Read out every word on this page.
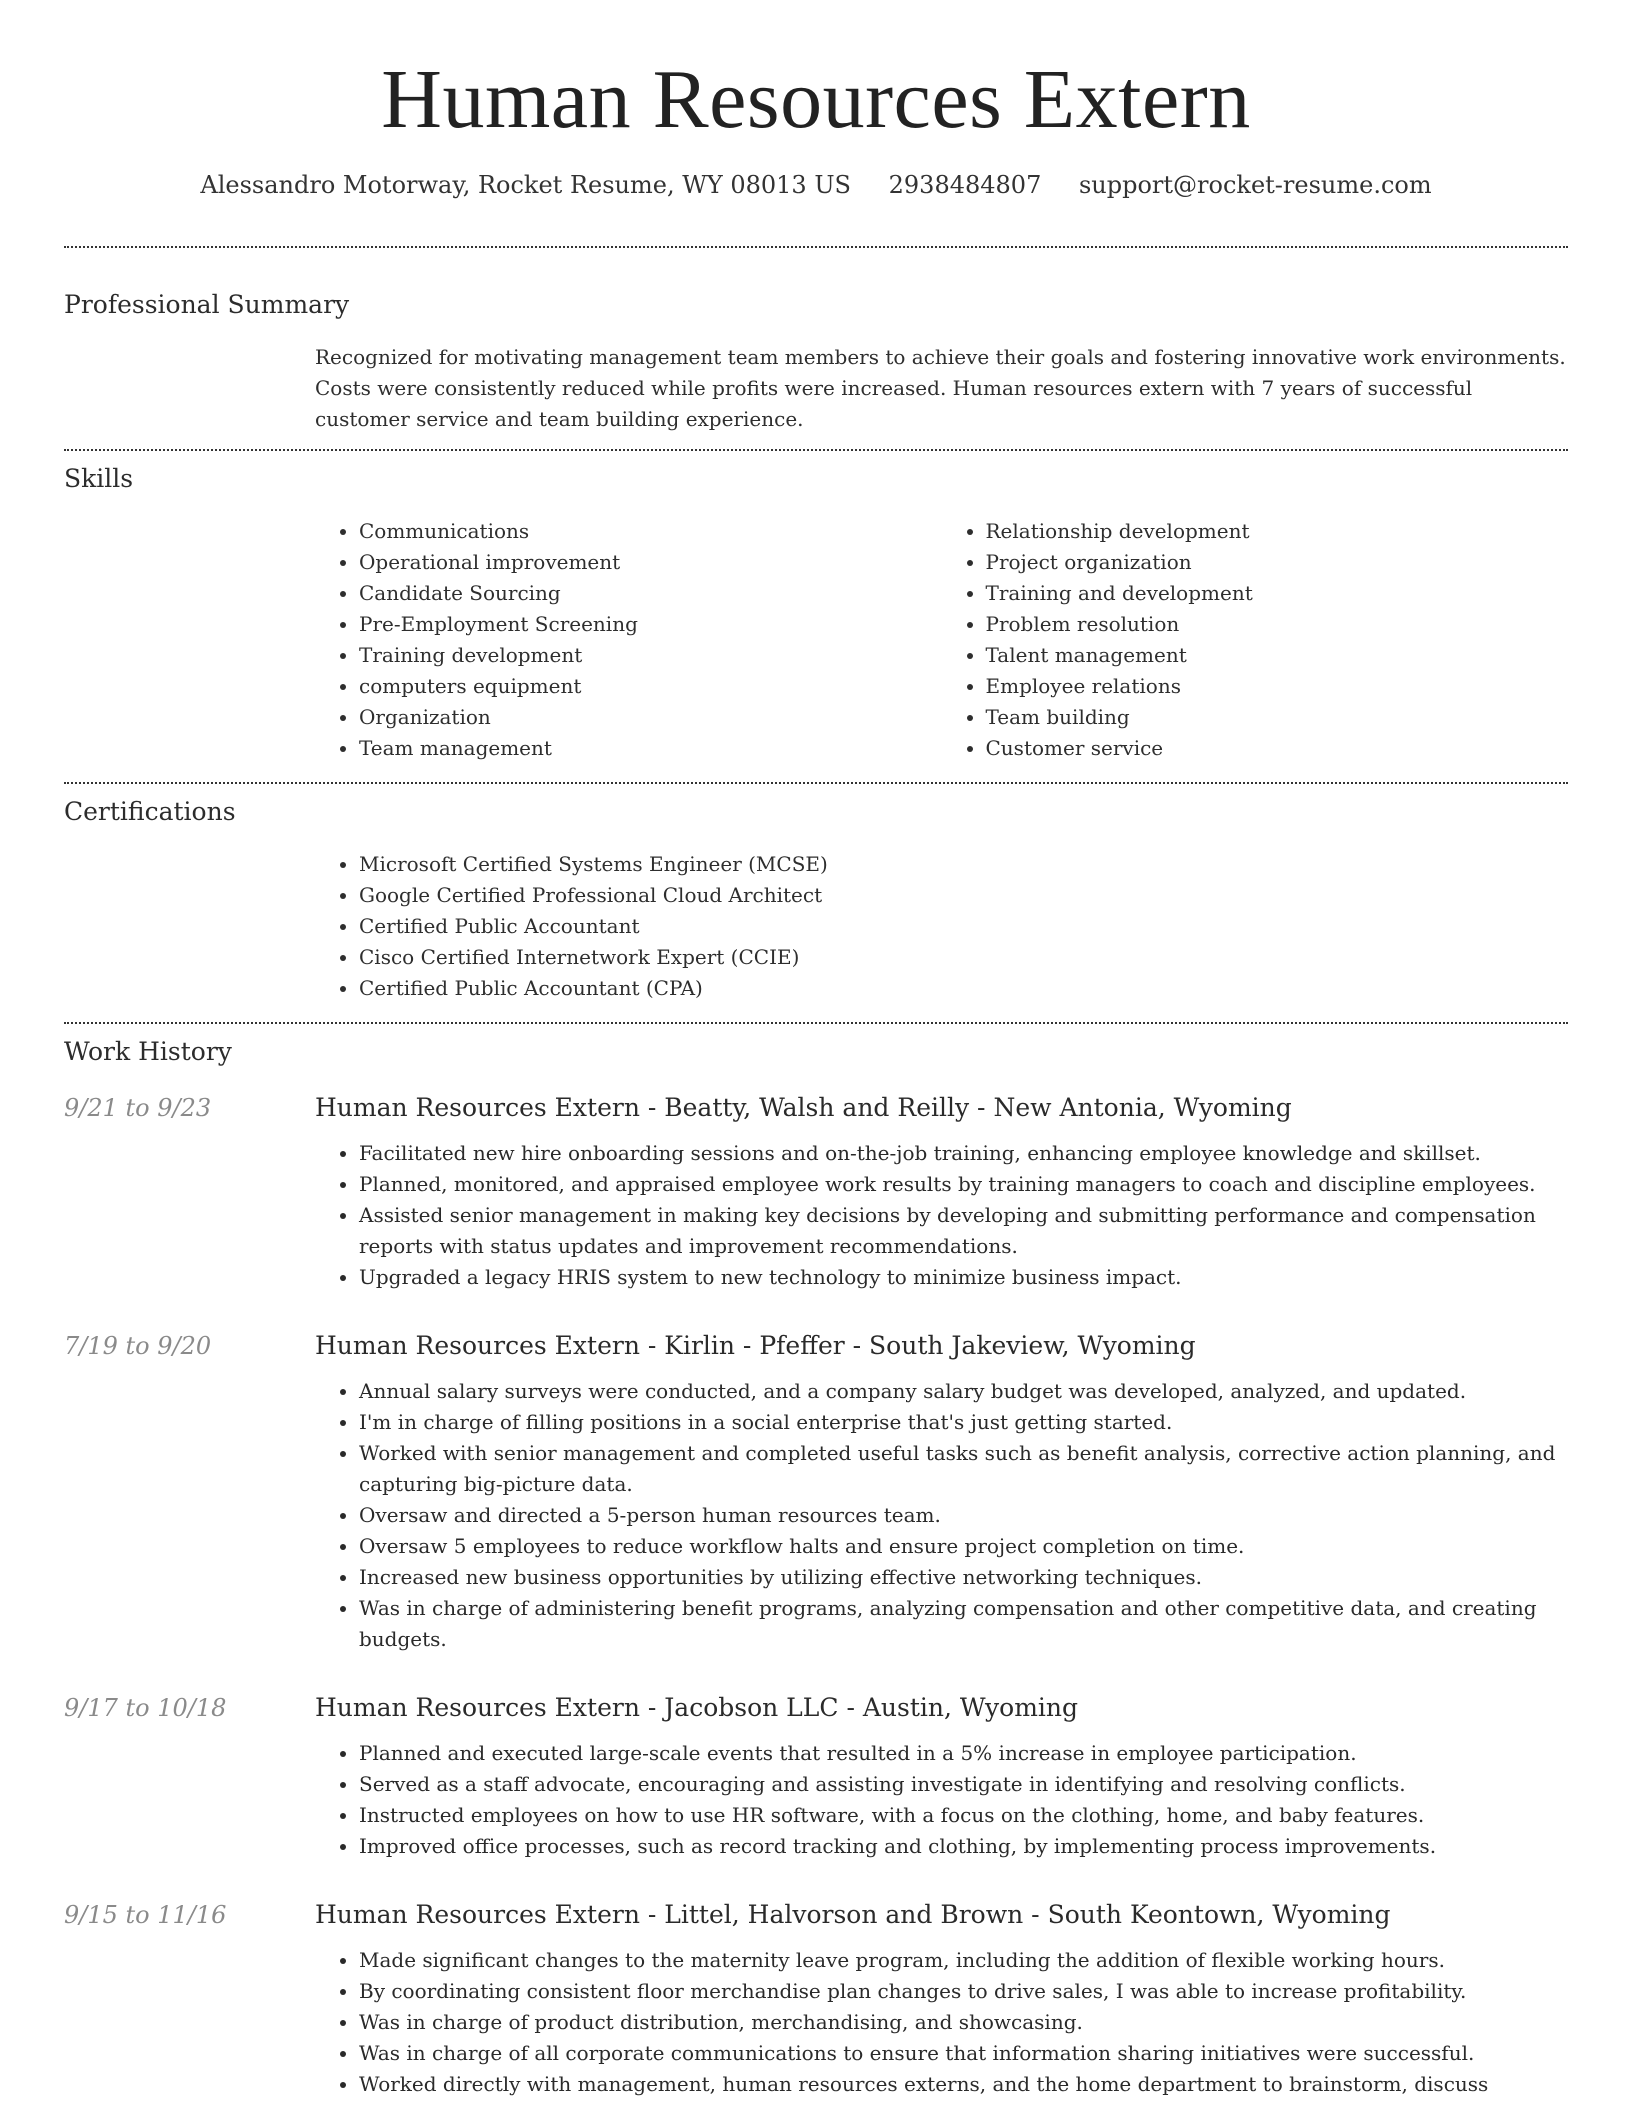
Human Resources Extern
Alessandro Motorway, Rocket Resume, WY 08013 US 2938484807 support@rocket-resume.com
Professional Summary

Recognized for motivating management team members to achieve their goals and fostering innovative work environments. Costs were consistently reduced while profits were increased. Human resources extern with 7 years of successful customer service and team building experience.

Skills
• Communications
• Operational improvement
• Candidate Sourcing
• Pre-Employment Screening
• Training development
• computers equipment
• Organization
• Team management
• Relationship development
• Project organization
• Training and development
• Problem resolution
• Talent management
• Employee relations
• Team building
• Customer service
Certifications
• Microsoft Certified Systems Engineer (MCSE)
• Google Certified Professional Cloud Architect
• Certified Public Accountant
• Cisco Certified Internetwork Expert (CCIE)
• Certified Public Accountant (CPA)
Work History
9/21 to 9/23	Human Resources Extern - Beatty, Walsh and Reilly - New Antonia, Wyoming
• Facilitated new hire onboarding sessions and on-the-job training, enhancing employee knowledge and skillset.
• Planned, monitored, and appraised employee work results by training managers to coach and discipline employees.
• Assisted senior management in making key decisions by developing and submitting performance and compensation reports with status updates and improvement recommendations.
• Upgraded a legacy HRIS system to new technology to minimize business impact.
7/19 to 9/20	Human Resources Extern - Kirlin - Pfeffer - South Jakeview, Wyoming
• Annual salary surveys were conducted, and a company salary budget was developed, analyzed, and updated.
• I'm in charge of filling positions in a social enterprise that's just getting started.
• Worked with senior management and completed useful tasks such as benefit analysis, corrective action planning, and capturing big-picture data.
• Oversaw and directed a 5-person human resources team.
• Oversaw 5 employees to reduce workflow halts and ensure project completion on time.
• Increased new business opportunities by utilizing effective networking techniques.
• Was in charge of administering benefit programs, analyzing compensation and other competitive data, and creating budgets.
9/17 to 10/18	Human Resources Extern - Jacobson LLC - Austin, Wyoming
• Planned and executed large-scale events that resulted in a 5% increase in employee participation.
• Served as a staff advocate, encouraging and assisting investigate in identifying and resolving conflicts.
• Instructed employees on how to use HR software, with a focus on the clothing, home, and baby features.
• Improved office processes, such as record tracking and clothing, by implementing process improvements.
9/15 to 11/16	Human Resources Extern - Littel, Halvorson and Brown - South Keontown, Wyoming
• Made significant changes to the maternity leave program, including the addition of flexible working hours.
• By coordinating consistent floor merchandise plan changes to drive sales, I was able to increase profitability.
• Was in charge of product distribution, merchandising, and showcasing.
• Was in charge of all corporate communications to ensure that information sharing initiatives were successful.
• Worked directly with management, human resources externs, and the home department to brainstorm, discuss
